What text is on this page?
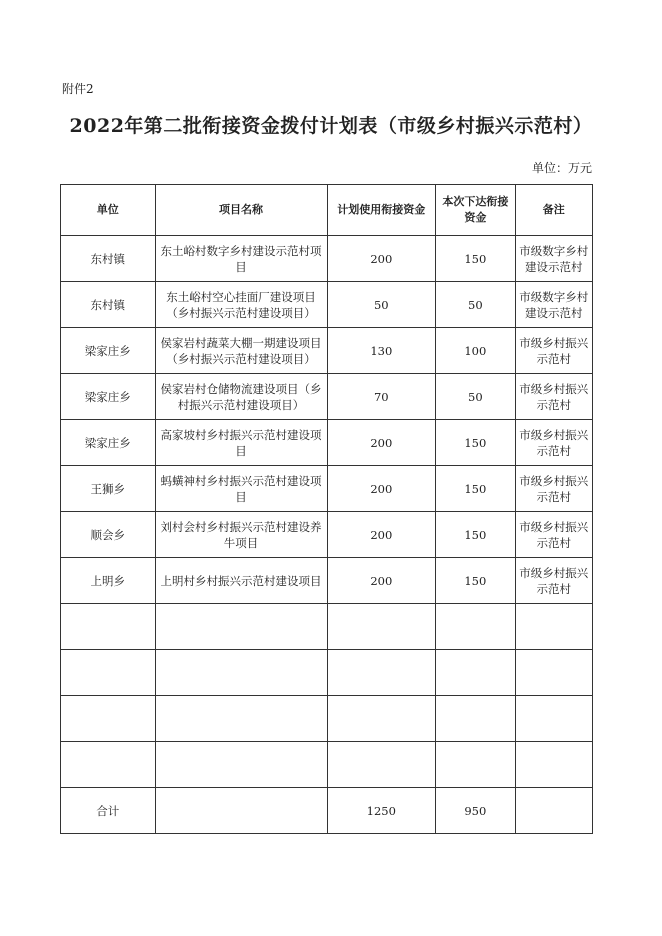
附件2
2022年第二批衔接资金拨付计划表（市级乡村振兴示范村）
单位：万元
单位	项目名称	计划使用衔接资金	本次下达衔接资金	备注
东村镇	东土峪村数字乡村建设示范村项目	200	150	市级数字乡村建设示范村
东村镇	东土峪村空心挂面厂建设项目（乡村振兴示范村建设项目）	50	50	市级数字乡村建设示范村
梁家庄乡	侯家岩村蔬菜大棚一期建设项目（乡村振兴示范村建设项目）	130	100	市级乡村振兴示范村
梁家庄乡	侯家岩村仓储物流建设项目（乡村振兴示范村建设项目）	70	50	市级乡村振兴示范村
梁家庄乡	高家坡村乡村振兴示范村建设项目	200	150	市级乡村振兴示范村
王狮乡	蚂蟥神村乡村振兴示范村建设项目	200	150	市级乡村振兴示范村
顺会乡	刘村会村乡村振兴示范村建设养牛项目	200	150	市级乡村振兴示范村
上明乡	上明村乡村振兴示范村建设项目	200	150	市级乡村振兴示范村

合计		1250	950	
